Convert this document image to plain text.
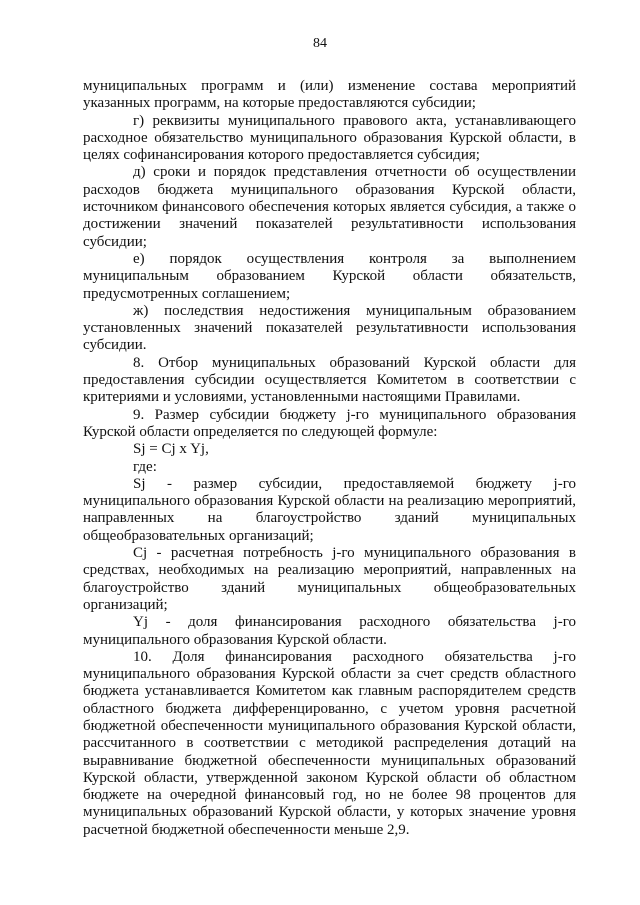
84

муниципальных программ и (или) изменение состава мероприятий указанных программ, на которые предоставляются субсидии;

г) реквизиты муниципального правового акта, устанавливающего расходное обязательство муниципального образования Курской области, в целях софинансирования которого предоставляется субсидия;

д) сроки и порядок представления отчетности об осуществлении расходов бюджета муниципального образования Курской области, источником финансового обеспечения которых является субсидия, а также о достижении значений показателей результативности использования субсидии;

е) порядок осуществления контроля за выполнением муниципальным образованием Курской области обязательств, предусмотренных соглашением;

ж) последствия недостижения муниципальным образованием установленных значений показателей результативности использования субсидии.

8. Отбор муниципальных образований Курской области для предоставления субсидии осуществляется Комитетом в соответствии с критериями и условиями, установленными настоящими Правилами.

9. Размер субсидии бюджету j-го муниципального образования Курской области определяется по следующей формуле:

Sj = Cj x Yj,

где:

Sj - размер субсидии, предоставляемой бюджету j-го муниципального образования Курской области на реализацию мероприятий, направленных на благоустройство зданий муниципальных общеобразовательных организаций;

Cj - расчетная потребность j-го муниципального образования в средствах, необходимых на реализацию мероприятий, направленных на благоустройство зданий муниципальных общеобразовательных организаций;

Yj - доля финансирования расходного обязательства j-го муниципального образования Курской области.

10. Доля финансирования расходного обязательства j-го муниципального образования Курской области за счет средств областного бюджета устанавливается Комитетом как главным распорядителем средств областного бюджета дифференцированно, с учетом уровня расчетной бюджетной обеспеченности муниципального образования Курской области, рассчитанного в соответствии с методикой распределения дотаций на выравнивание бюджетной обеспеченности муниципальных образований Курской области, утвержденной законом Курской области об областном бюджете на очередной финансовый год, но не более 98 процентов для муниципальных образований Курской области, у которых значение уровня расчетной бюджетной обеспеченности меньше 2,9.
